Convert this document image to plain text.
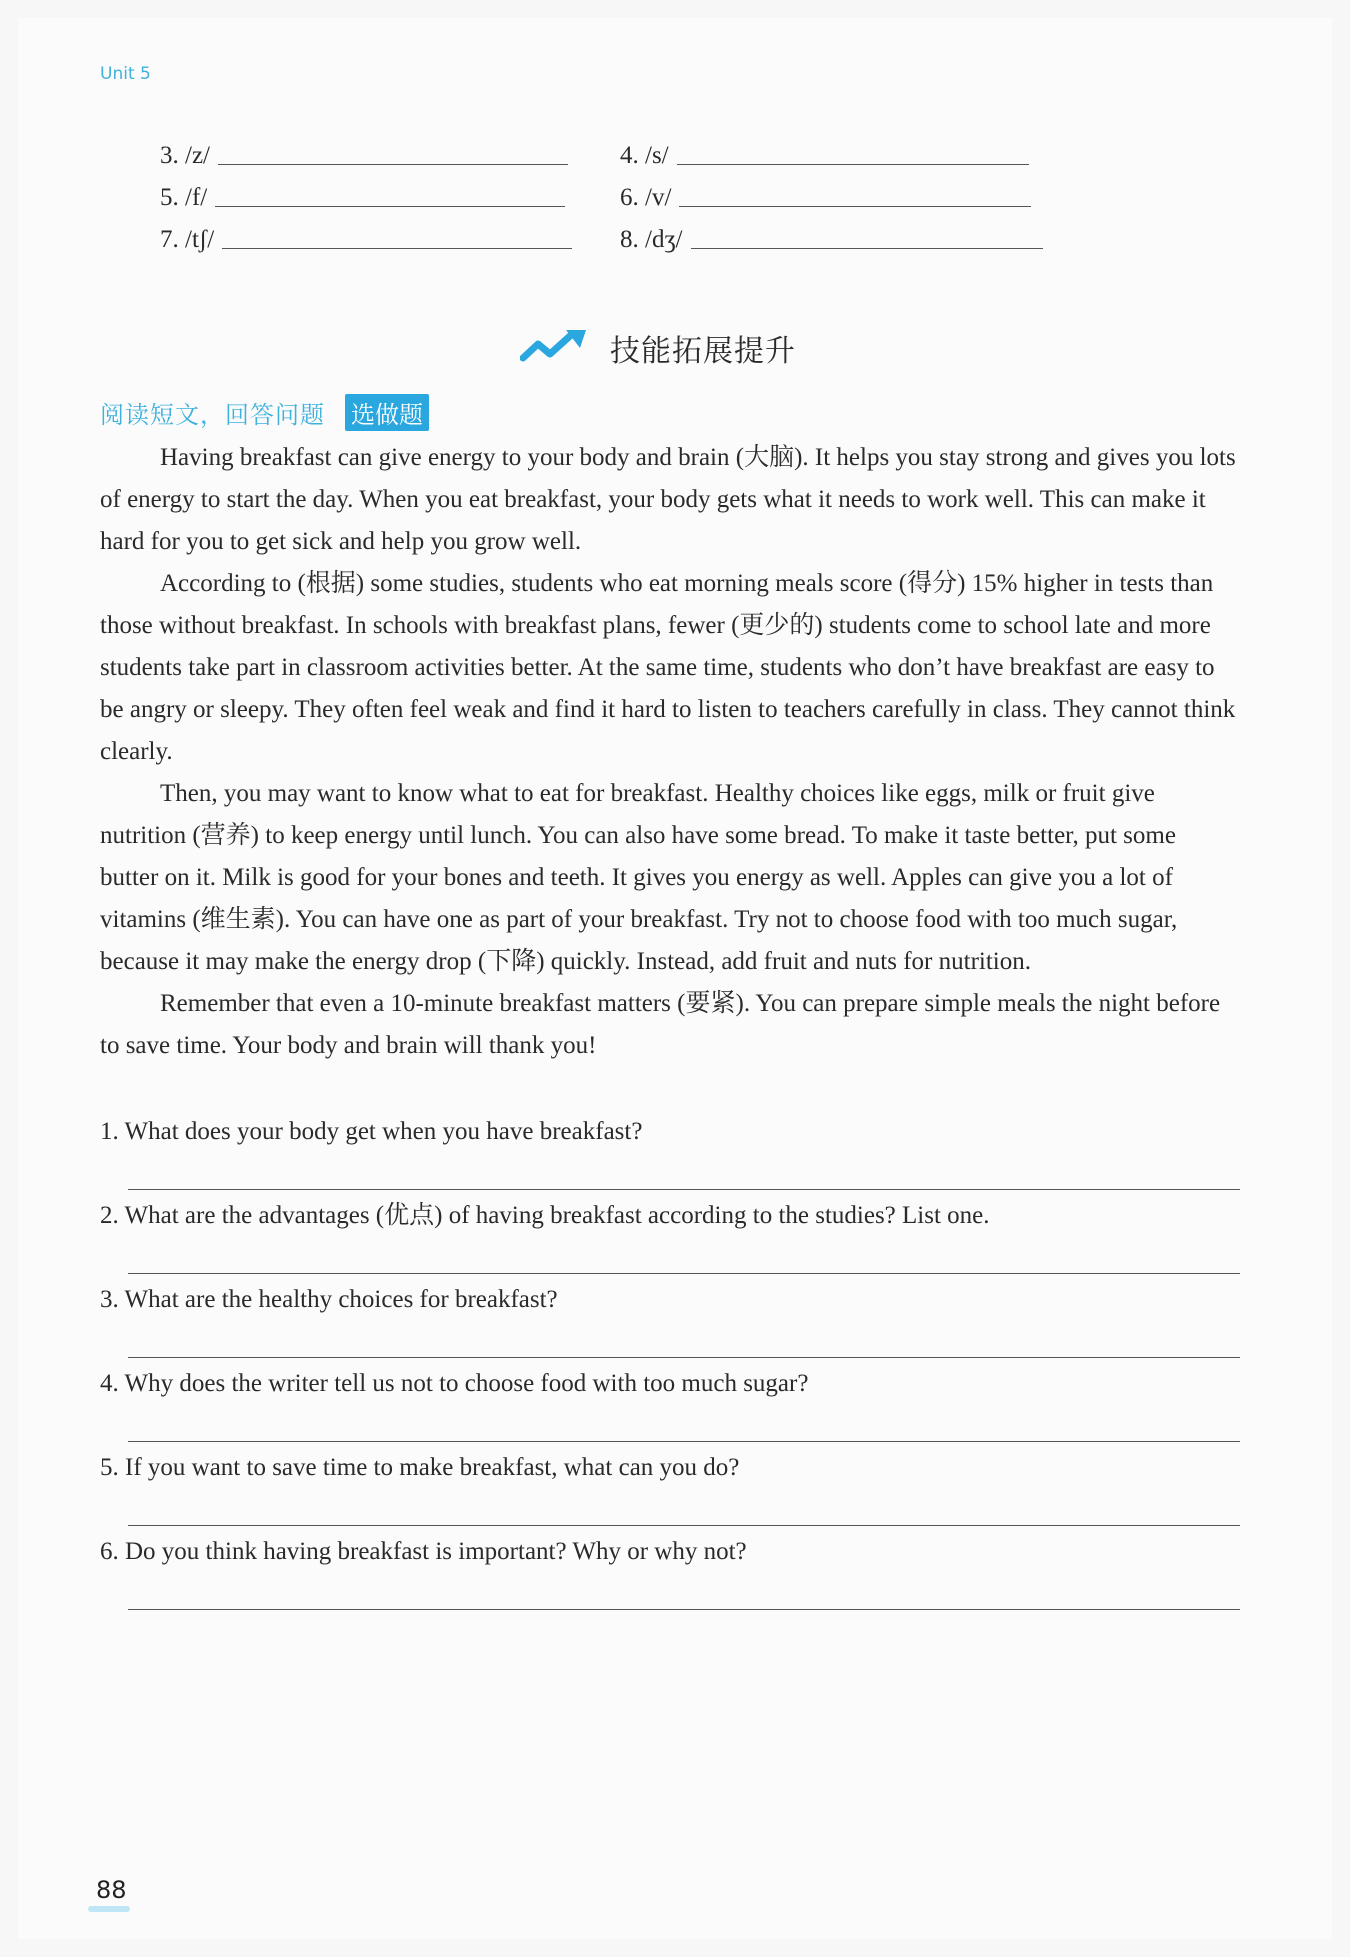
Unit 5
3. /z/	4. /s/
5. /f/	6. /v/
7. /tʃ/	8. /dʒ/
技能拓展提升
阅读短文，回答问题 选做题

Having breakfast can give energy to your body and brain (大脑). It helps you stay strong and gives you lots of energy to start the day. When you eat breakfast, your body gets what it needs to work well. This can make it hard for you to get sick and help you grow well.

According to (根据) some studies, students who eat morning meals score (得分) 15% higher in tests than those without breakfast. In schools with breakfast plans, fewer (更少的) students come to school late and more students take part in classroom activities better. At the same time, students who don’t have breakfast are easy to be angry or sleepy. They often feel weak and find it hard to listen to teachers carefully in class. They cannot think clearly.

Then, you may want to know what to eat for breakfast. Healthy choices like eggs, milk or fruit give nutrition (营养) to keep energy until lunch. You can also have some bread. To make it taste better, put some butter on it. Milk is good for your bones and teeth. It gives you energy as well. Apples can give you a lot of vitamins (维生素). You can have one as part of your breakfast. Try not to choose food with too much sugar, because it may make the energy drop (下降) quickly. Instead, add fruit and nuts for nutrition.

Remember that even a 10-minute breakfast matters (要紧). You can prepare simple meals the night before to save time. Your body and brain will thank you!

1. What does your body get when you have breakfast?
2. What are the advantages (优点) of having breakfast according to the studies? List one.
3. What are the healthy choices for breakfast?
4. Why does the writer tell us not to choose food with too much sugar?
5. If you want to save time to make breakfast, what can you do?
6. Do you think having breakfast is important? Why or why not?
88
